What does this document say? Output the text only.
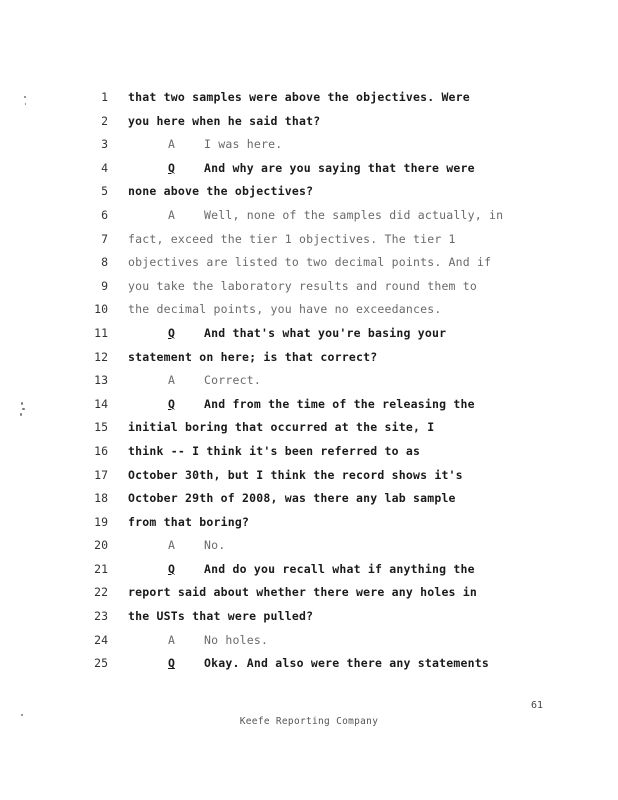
1 that two samples were above the objectives. Were
2 you here when he said that?
3	A	I was here.
4	Q	And why are you saying that there were
5 none above the objectives?
6	A	Well, none of the samples did actually, in
7 fact, exceed the tier 1 objectives. The tier 1
8 objectives are listed to two decimal points. And if
9 you take the laboratory results and round them to
10 the decimal points, you have no exceedances.
11	Q	And that's what you're basing your
12 statement on here; is that correct?
13	A	Correct.
14	Q	And from the time of the releasing the
15 initial boring that occurred at the site, I
16 think -- I think it's been referred to as
17 October 30th, but I think the record shows it's
18 October 29th of 2008, was there any lab sample
19 from that boring?
20	A	No.
21	Q	And do you recall what if anything the
22 report said about whether there were any holes in
23 the USTs that were pulled?
24	A	No holes.
25	Q	Okay. And also were there any statements
61
Keefe Reporting Company
